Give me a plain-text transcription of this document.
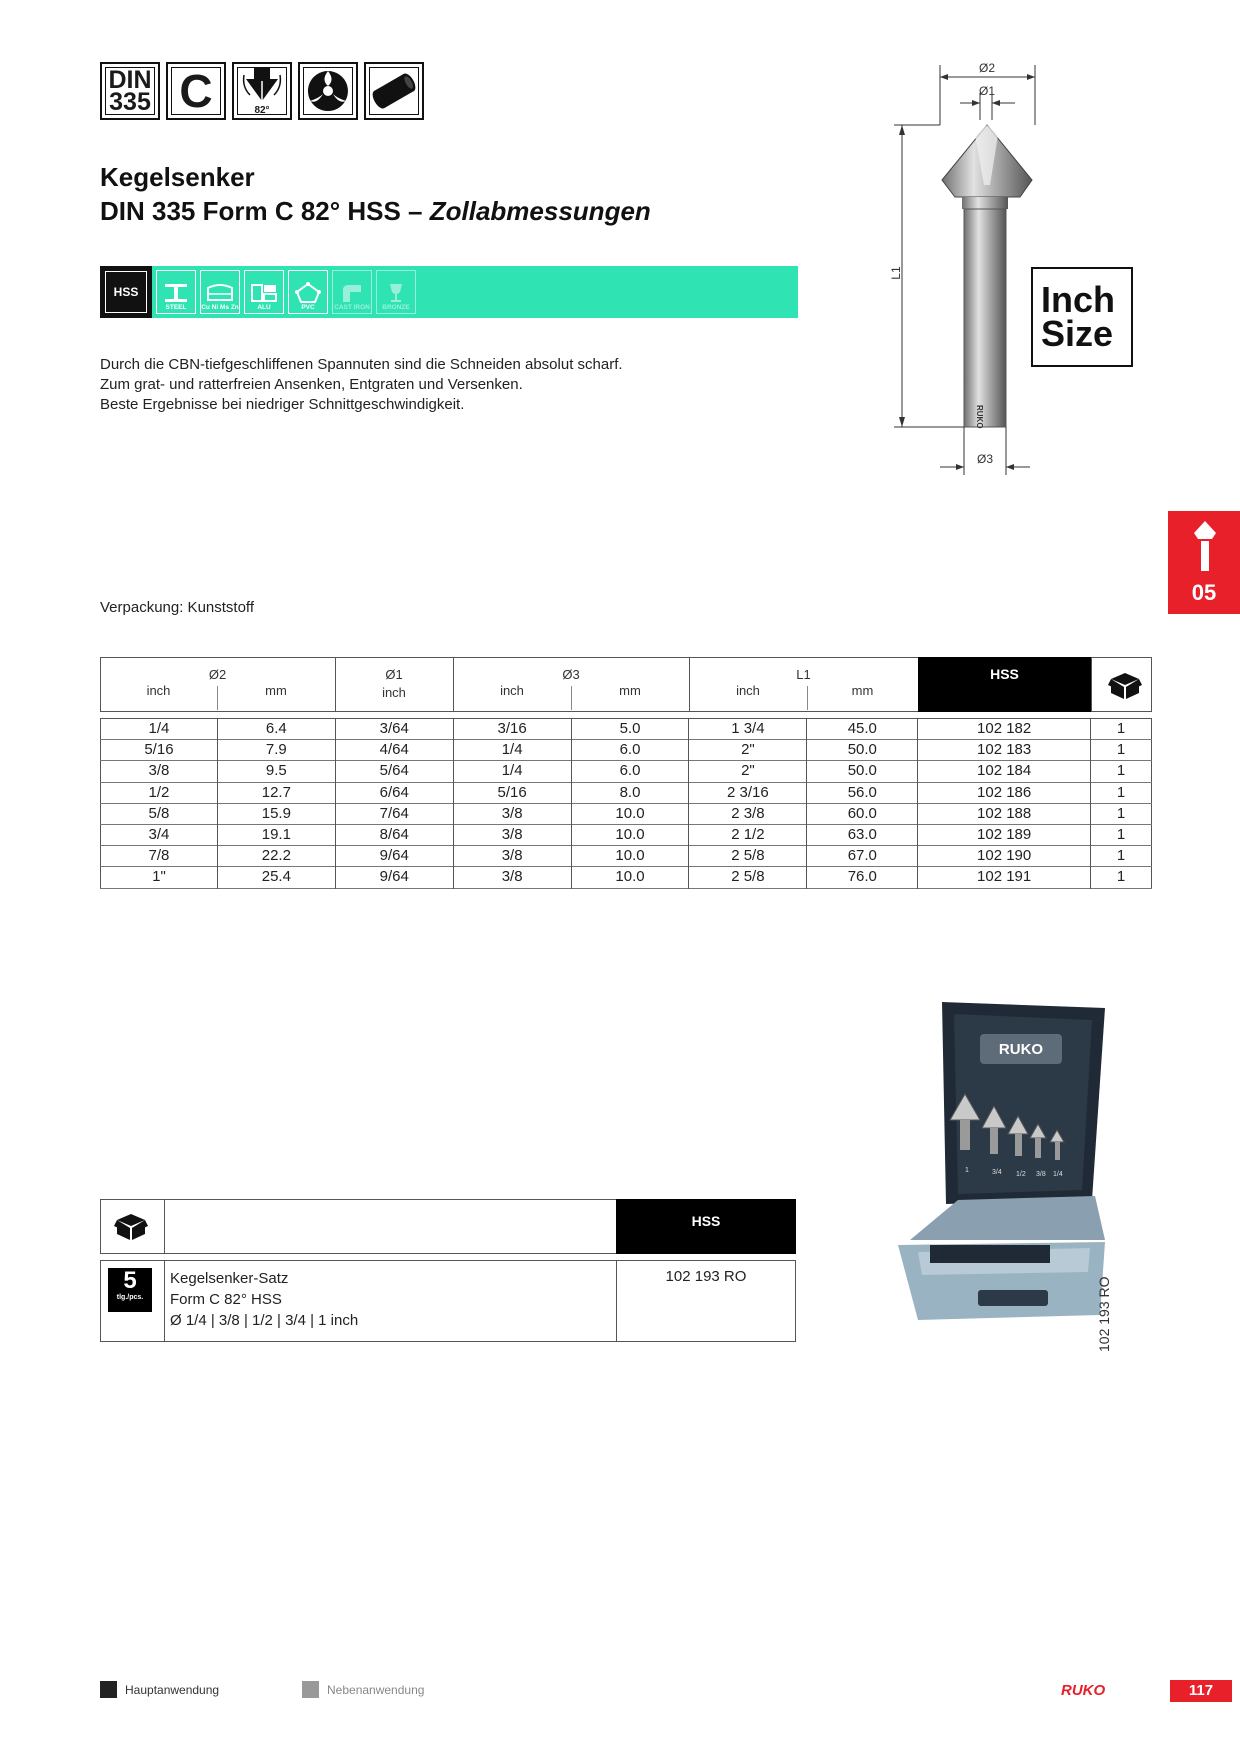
DIN
335 C	82°
Kegelsenker
DIN 335 Form C 82° HSS – Zollabmessungen
HSS
STEEL Cu Ni Ms Zn	ALU	PVC	CAST IRON BRONZE
Durch die CBN-tiefgeschliffenen Spannuten sind die Schneiden absolut scharf.
Zum grat- und ratterfreien Ansenken, Entgraten und Versenken.
Beste Ergebnisse bei niedriger Schnittgeschwindigkeit.
Ø2
Ø1
L1
RUKO
Ø3
Inch
Size
05
Verpackung: Kunststoff
Ø2	Ø1	Ø3	L1	HSS
inch	mm	inch	inch	mm	inch	mm
1/4	6.4	3/64	3/16	5.0	1 3/4	45.0	102 182	1
5/16	7.9	4/64	1/4	6.0	2"	50.0	102 183	1
3/8	9.5	5/64	1/4	6.0	2"	50.0	102 184	1
1/2	12.7	6/64	5/16	8.0	2 3/16	56.0	102 186	1
5/8	15.9	7/64	3/8	10.0	2 3/8	60.0	102 188	1
3/4	19.1	8/64	3/8	10.0	2 1/2	63.0	102 189	1
7/8	22.2	9/64	3/8	10.0	2 5/8	67.0	102 190	1
1"	25.4	9/64	3/8	10.0	2 5/8	76.0	102 191	1
HSS
5
tlg./pcs.
Kegelsenker-Satz
Form C 82° HSS
Ø 1/4 | 3/8 | 1/2 | 3/4 | 1 inch
102 193 RO
RUKO
1	3/4 1/2 3/8 1/4
102 193 RO
Hauptanwendung	Nebenanwendung	RUKO	117
